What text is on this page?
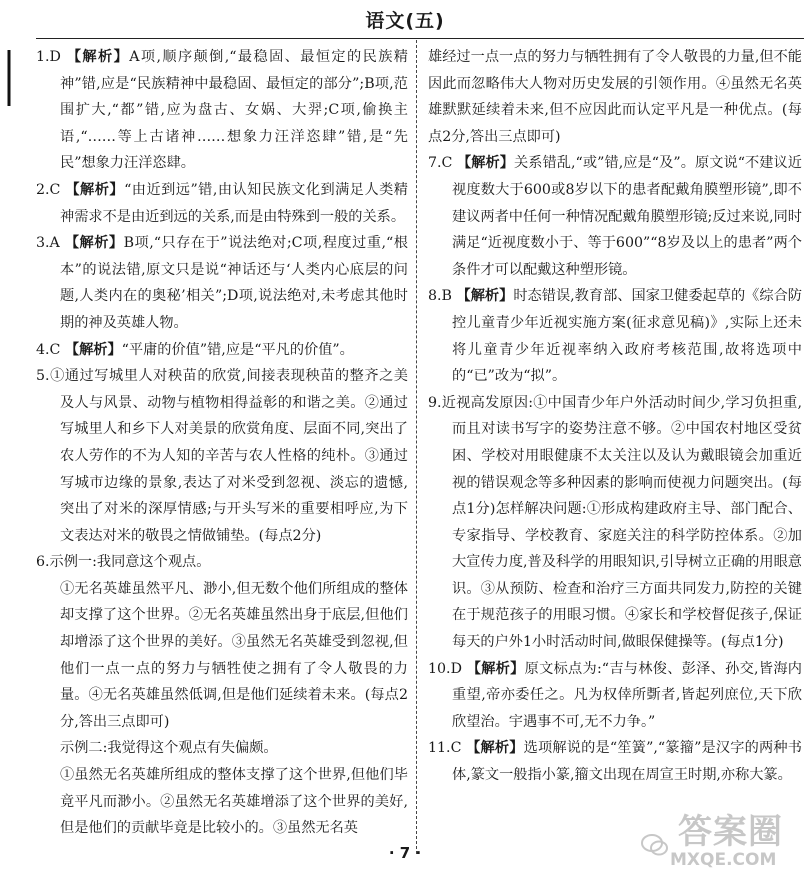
语文(五)

1.D 【解析】A项,顺序颠倒,“最稳固、最恒定的民族精神”错,应是“民族精神中最稳固、最恒定的部分”;B项,范围扩大,“都”错,应为盘古、女娲、大羿;C项,偷换主语,“……等上古诸神……想象力汪洋恣肆”错,是“先民”想象力汪洋恣肆。

2.C 【解析】“由近到远”错,由认知民族文化到满足人类精神需求不是由近到远的关系,而是由特殊到一般的关系。

3.A 【解析】B项,“只存在于”说法绝对;C项,程度过重,“根本”的说法错,原文只是说“神话还与‘人类内心底层的问题,人类内在的奥秘’相关”;D项,说法绝对,未考虑其他时期的神及英雄人物。

4.C 【解析】“平庸的价值”错,应是“平凡的价值”。

5.①通过写城里人对秧苗的欣赏,间接表现秧苗的整齐之美及人与风景、动物与植物相得益彰的和谐之美。②通过写城里人和乡下人对美景的欣赏角度、层面不同,突出了农人劳作的不为人知的辛苦与农人性格的纯朴。③通过写城市边缘的景象,表达了对米受到忽视、淡忘的遗憾,突出了对米的深厚情感;与开头写米的重要相呼应,为下文表达对米的敬畏之情做铺垫。(每点2分)

6.示例一:我同意这个观点。

①无名英雄虽然平凡、渺小,但无数个他们所组成的整体却支撑了这个世界。②无名英雄虽然出身于底层,但他们却增添了这个世界的美好。③虽然无名英雄受到忽视,但他们一点一点的努力与牺牲使之拥有了令人敬畏的力量。④无名英雄虽然低调,但是他们延续着未来。(每点2分,答出三点即可)

示例二:我觉得这个观点有失偏颇。

①虽然无名英雄所组成的整体支撑了这个世界,但他们毕竟平凡而渺小。②虽然无名英雄增添了这个世界的美好,但是他们的贡献毕竟是比较小的。③虽然无名英

雄经过一点一点的努力与牺牲拥有了令人敬畏的力量,但不能因此而忽略伟大人物对历史发展的引领作用。④虽然无名英雄默默延续着未来,但不应因此而认定平凡是一种优点。(每点2分,答出三点即可)

7.C 【解析】关系错乱,“或”错,应是“及”。原文说“不建议近视度数大于600或8岁以下的患者配戴角膜塑形镜”,即不建议两者中任何一种情况配戴角膜塑形镜;反过来说,同时满足“近视度数小于、等于600”“8岁及以上的患者”两个条件才可以配戴这种塑形镜。

8.B 【解析】时态错误,教育部、国家卫健委起草的《综合防控儿童青少年近视实施方案(征求意见稿)》,实际上还未将儿童青少年近视率纳入政府考核范围,故将选项中的“已”改为“拟”。

9.近视高发原因:①中国青少年户外活动时间少,学习负担重,而且对读书写字的姿势注意不够。②中国农村地区受贫困、学校对用眼健康不太关注以及认为戴眼镜会加重近视的错误观念等多种因素的影响而使视力问题突出。(每点1分)怎样解决问题:①形成构建政府主导、部门配合、专家指导、学校教育、家庭关注的科学防控体系。②加大宣传力度,普及科学的用眼知识,引导树立正确的用眼意识。③从预防、检查和治疗三方面共同发力,防控的关键在于规范孩子的用眼习惯。④家长和学校督促孩子,保证每天的户外1小时活动时间,做眼保健操等。(每点1分)

10.D 【解析】原文标点为:“吉与林俊、彭泽、孙交,皆海内重望,帝亦委任之。凡为权倖所斲者,皆起列庶位,天下欣欣望治。宇遇事不可,无不力争。”

11.C 【解析】选项解说的是“笙簧”,“篆籀”是汉字的两种书体,篆文一般指小篆,籀文出现在周宣王时期,亦称大篆。

· 7 ·
答案圈
MXQE.COM
